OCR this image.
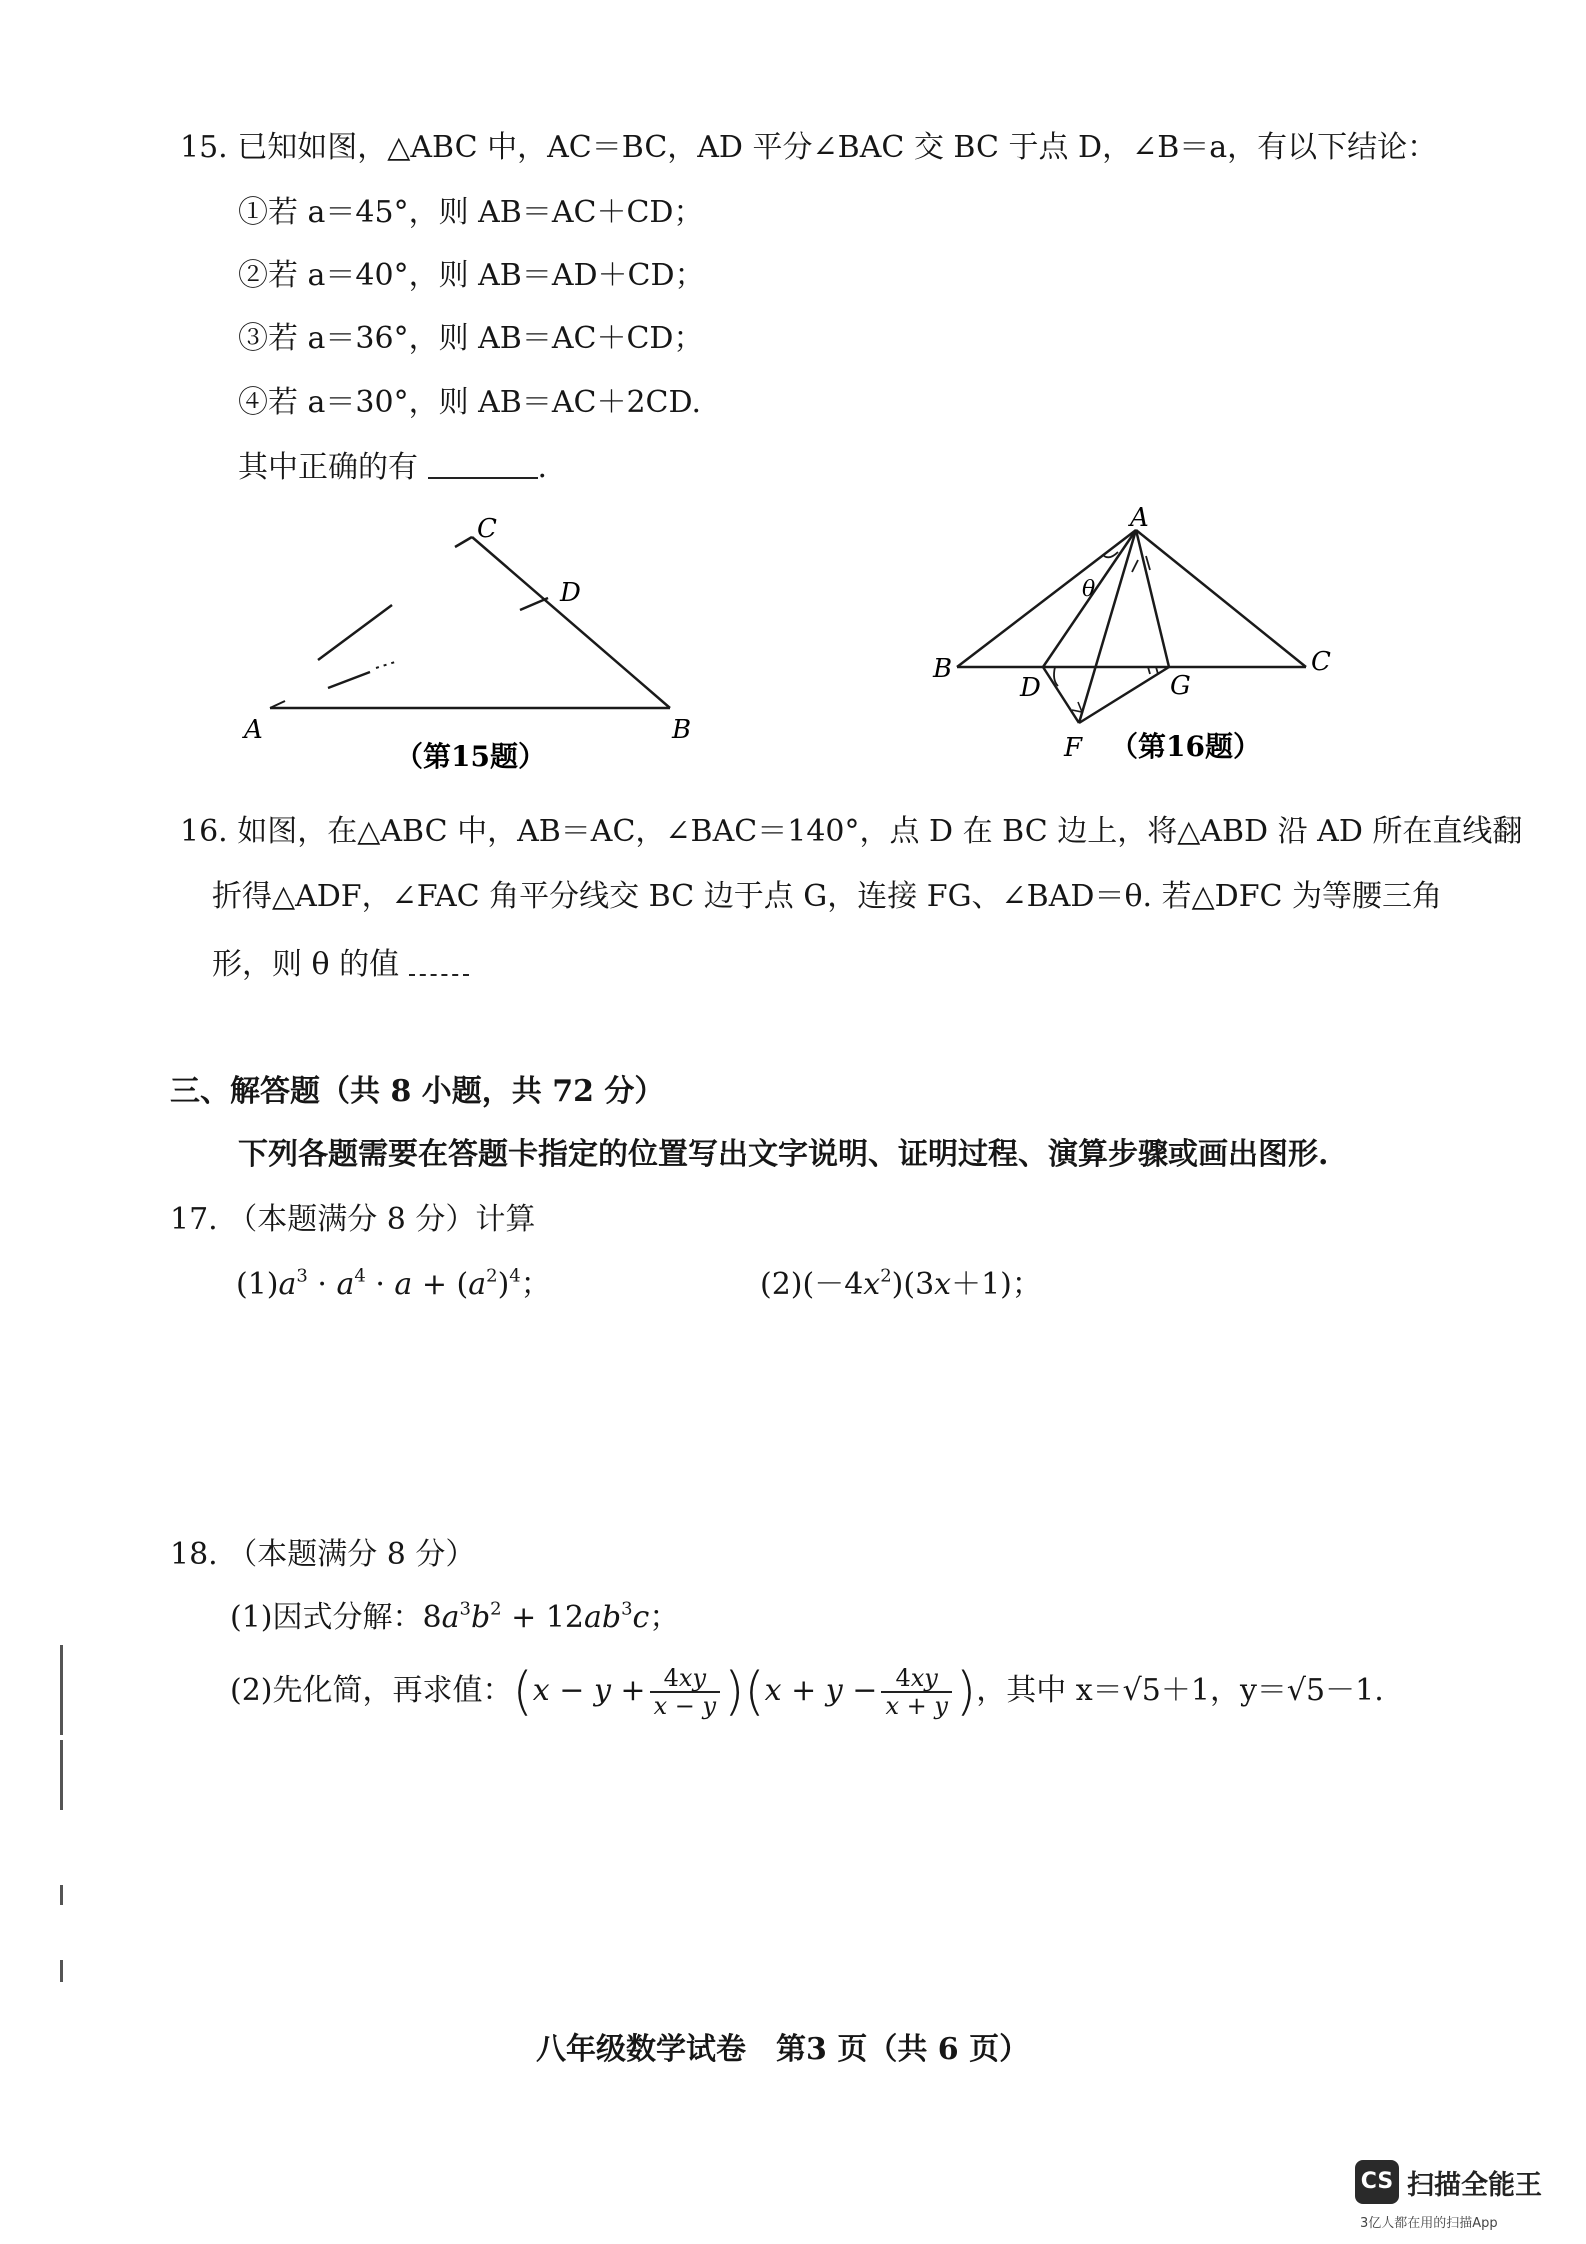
15. 已知如图，△ABC 中，AC＝BC，AD 平分∠BAC 交 BC 于点 D，∠B＝a，有以下结论：
①若 a＝45°，则 AB＝AC＋CD；
②若 a＝40°，则 AB＝AD＋CD；
③若 a＝36°，则 AB＝AC＋CD；
④若 a＝30°，则 AB＝AC＋2CD.
其中正确的有	.
C
D
A	B
（第15题）
A
θ
B	C
D	G
F （第16题）
16. 如图，在△ABC 中，AB＝AC，∠BAC＝140°，点 D 在 BC 边上，将△ABD 沿 AD 所在直线翻
折得△ADF，∠FAC 角平分线交 BC 边于点 G，连接 FG、∠BAD＝θ. 若△DFC 为等腰三角
形，则 θ 的值
三、解答题（共 8 小题，共 72 分）
下列各题需要在答题卡指定的位置写出文字说明、证明过程、演算步骤或画出图形.
17. （本题满分 8 分）计算
$(1)a^3 \cdot a^4 \cdot a + (a^2)^4$；	$(2)(-4x^2)(3x+1)$；
18. （本题满分 8 分）
(1)因式分解：$8a^3b^2 + 12ab^3c$；
(2)先化简，再求值：$(x - y + \frac{4xy}{x - y} )(x + y - \frac{4xy}{x + y}$ )，其中 x＝√5＋1，y＝√5－1.
八年级数学试卷　第3 页（共 6 页）
CS 扫描全能王
3亿人都在用的扫描App
